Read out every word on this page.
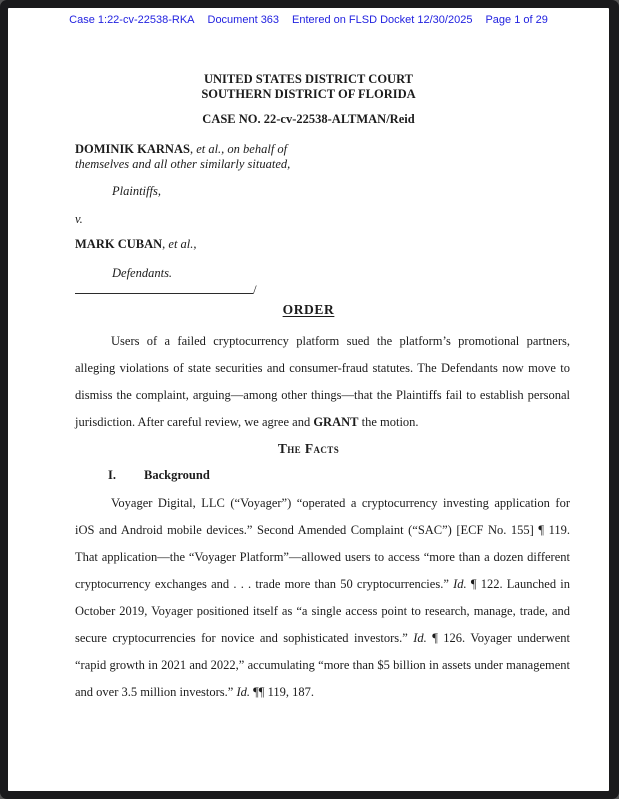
Case 1:22-cv-22538-RKA Document 363 Entered on FLSD Docket 12/30/2025 Page 1 of 29
UNITED STATES DISTRICT COURT
SOUTHERN DISTRICT OF FLORIDA
CASE NO. 22-cv-22538-ALTMAN/Reid
DOMINIK KARNAS, et al., on behalf of
themselves and all other similarly situated,
Plaintiffs,
v.
MARK CUBAN, et al.,
Defendants.
/
ORDER

Users of a failed cryptocurrency platform sued the platform’s promotional partners, alleging violations of state securities and consumer-fraud statutes. The Defendants now move to dismiss the complaint, arguing—among other things—that the Plaintiffs fail to establish personal jurisdiction. After careful review, we agree and GRANT the motion.

The Facts
I. Background

Voyager Digital, LLC (“Voyager”) “operated a cryptocurrency investing application for iOS and Android mobile devices.” Second Amended Complaint (“SAC”) [ECF No. 155] ¶ 119. That application—the “Voyager Platform”—allowed users to access “more than a dozen different cryptocurrency exchanges and . . . trade more than 50 cryptocurrencies.” Id. ¶ 122. Launched in October 2019, Voyager positioned itself as “a single access point to research, manage, trade, and secure cryptocurrencies for novice and sophisticated investors.” Id. ¶ 126. Voyager underwent “rapid growth in 2021 and 2022,” accumulating “more than $5 billion in assets under management and over 3.5 million investors.” Id. ¶¶ 119, 187.
